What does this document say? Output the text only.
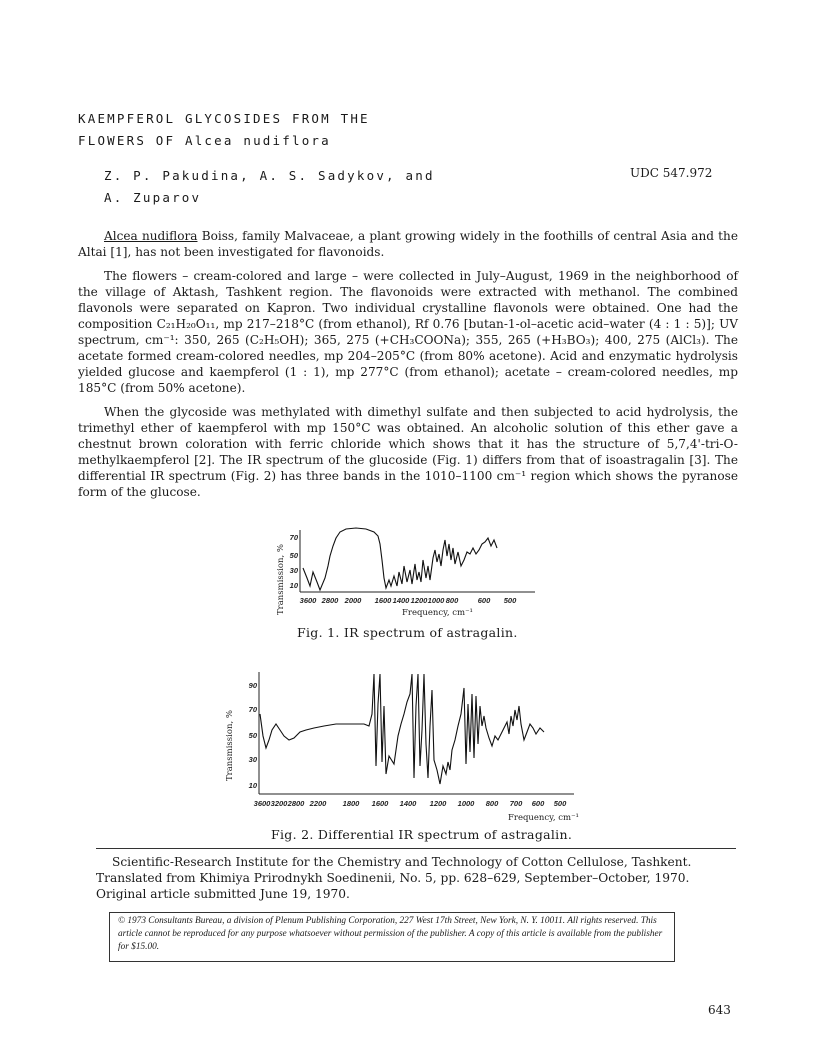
KAEMPFEROL GLYCOSIDES FROM THE
FLOWERS OF Alcea nudiflora
Z. P. Pakudina, A. S. Sadykov, and
A. Zuparov
UDC 547.972

Alcea nudiflora Boiss, family Malvaceae, a plant growing widely in the foothills of central Asia and the Altai [1], has not been investigated for flavonoids.

The flowers – cream-colored and large – were collected in July–August, 1969 in the neighborhood of the village of Aktash, Tashkent region. The flavonoids were extracted with methanol. The combined flavonols were separated on Kapron. Two individual crystalline flavonols were obtained. One had the composition C₂₁H₂₀O₁₁, mp 217–218°C (from ethanol), Rf 0.76 [butan-1-ol–acetic acid–water (4 : 1 : 5)]; UV spectrum, cm⁻¹: 350, 265 (C₂H₅OH); 365, 275 (+CH₃COONa); 355, 265 (+H₃BO₃); 400, 275 (AlCl₃). The acetate formed cream-colored needles, mp 204–205°C (from 80% acetone). Acid and enzymatic hydrolysis yielded glucose and kaempferol (1 : 1), mp 277°C (from ethanol); acetate – cream-colored needles, mp 185°C (from 50% acetone).

When the glycoside was methylated with dimethyl sulfate and then subjected to acid hydrolysis, the trimethyl ether of kaempferol with mp 150°C was obtained. An alcoholic solution of this ether gave a chestnut brown coloration with ferric chloride which shows that it has the structure of 5,7,4'-tri-O-methylkaempferol [2]. The IR spectrum of the glucoside (Fig. 1) differs from that of isoastragalin [3]. The differential IR spectrum (Fig. 2) has three bands in the 1010–1100 cm⁻¹ region which shows the pyranose form of the glucose.

Transmission, %
70
50
30
10
3600 2800 2000 1600 1400 1200 1000 800	600 500
Frequency, cm⁻¹
Fig. 1. IR spectrum of astragalin.
Transmission, %
90
70
50
30
10
3600 3200 2800 2200 1800 1600 1400 1200 1000 800 700 600 500
Frequency, cm⁻¹
Fig. 2. Differential IR spectrum of astragalin.

Scientific-Research Institute for the Chemistry and Technology of Cotton Cellulose, Tashkent. Translated from Khimiya Prirodnykh Soedinenii, No. 5, pp. 628–629, September–October, 1970. Original article submitted June 19, 1970.

© 1973 Consultants Bureau, a division of Plenum Publishing Corporation, 227 West 17th Street, New York, N. Y. 10011. All rights reserved. This article cannot be reproduced for any purpose whatsoever without permission of the publisher. A copy of this article is available from the publisher for $15.00.
643
